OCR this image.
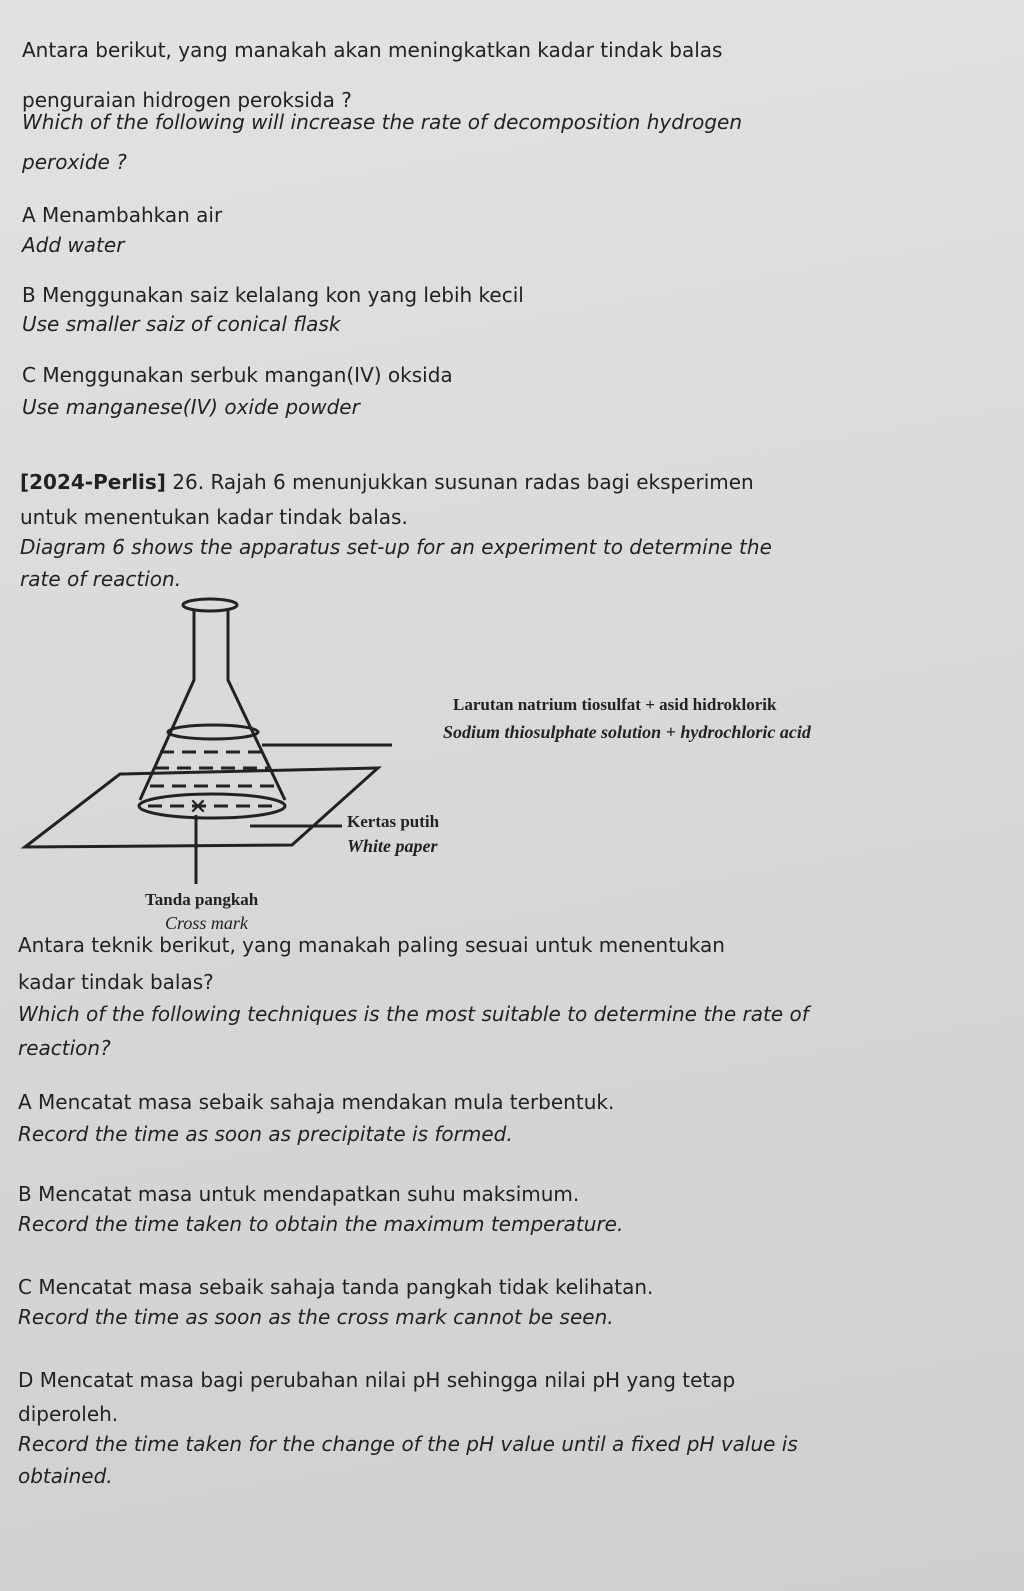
Antara berikut, yang manakah akan meningkatkan kadar tindak balas
penguraian hidrogen peroksida ?
Which of the following will increase the rate of decomposition hydrogen
peroxide ?
A Menambahkan air
Add water
B Menggunakan saiz kelalang kon yang lebih kecil
Use smaller saiz of conical flask
C Menggunakan serbuk mangan(IV) oksida
Use manganese(IV) oxide powder
[2024-Perlis] 26. Rajah 6 menunjukkan susunan radas bagi eksperimen
untuk menentukan kadar tindak balas.
Diagram 6 shows the apparatus set-up for an experiment to determine the
rate of reaction.
✕
Larutan natrium tiosulfat + asid hidroklorik
Sodium thiosulphate solution + hydrochloric acid
Kertas putih
White paper
Tanda pangkah
Cross mark
Antara teknik berikut, yang manakah paling sesuai untuk menentukan
kadar tindak balas?
Which of the following techniques is the most suitable to determine the rate of
reaction?
A Mencatat masa sebaik sahaja mendakan mula terbentuk.
Record the time as soon as precipitate is formed.
B Mencatat masa untuk mendapatkan suhu maksimum.
Record the time taken to obtain the maximum temperature.
C Mencatat masa sebaik sahaja tanda pangkah tidak kelihatan.
Record the time as soon as the cross mark cannot be seen.
D Mencatat masa bagi perubahan nilai pH sehingga nilai pH yang tetap
diperoleh.
Record the time taken for the change of the pH value until a fixed pH value is
obtained.
